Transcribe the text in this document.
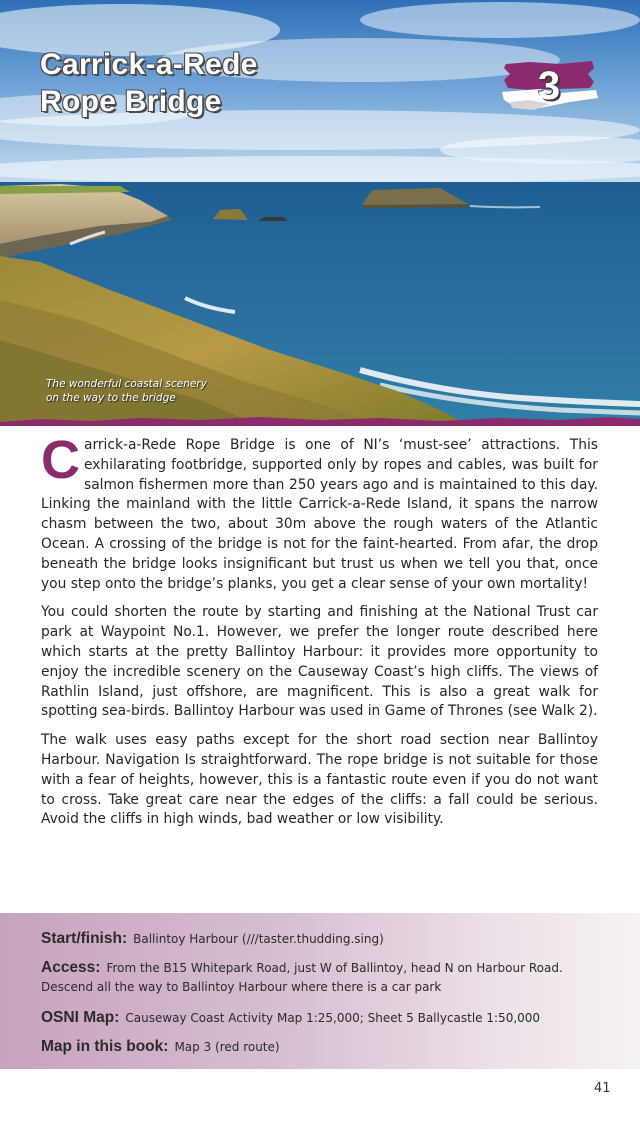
Carrick-a-Rede
Rope Bridge	3
The wonderful coastal scenery
on the way to the bridge

Carrick-a-Rede Rope Bridge is one of NI’s ‘must-see’ attractions. This exhilarating footbridge, supported only by ropes and cables, was built for salmon fishermen more than 250 years ago and is maintained to this day. Linking the mainland with the little Carrick-a-Rede Island, it spans the narrow chasm between the two, about 30m above the rough waters of the Atlantic Ocean. A crossing of the bridge is not for the faint-hearted. From afar, the drop beneath the bridge looks insignificant but trust us when we tell you that, once you step onto the bridge’s planks, you get a clear sense of your own mortality!

You could shorten the route by starting and finishing at the National Trust car park at Waypoint No.1. However, we prefer the longer route described here which starts at the pretty Ballintoy Harbour: it provides more opportunity to enjoy the incredible scenery on the Causeway Coast’s high cliffs. The views of Rathlin Island, just offshore, are magnificent. This is also a great walk for spotting sea-birds. Ballintoy Harbour was used in Game of Thrones (see Walk 2).

The walk uses easy paths except for the short road section near Ballintoy Harbour. Navigation Is straightforward. The rope bridge is not suitable for those with a fear of heights, however, this is a fantastic route even if you do not want to cross. Take great care near the edges of the cliffs: a fall could be serious. Avoid the cliffs in high winds, bad weather or low visibility.

Start/finish: Ballintoy Harbour (///taster.thudding.sing)
Access: From the B15 Whitepark Road, just W of Ballintoy, head N on Harbour Road. Descend all the way to Ballintoy Harbour where there is a car park
OSNI Map: Causeway Coast Activity Map 1:25,000; Sheet 5 Ballycastle 1:50,000
Map in this book: Map 3 (red route)
41
